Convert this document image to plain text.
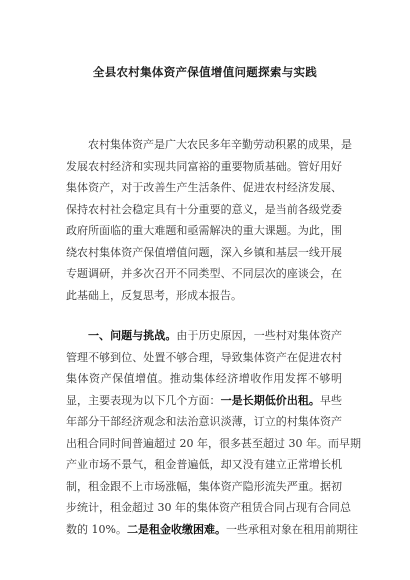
全县农村集体资产保值增值问题探索与实践
农村集体资产是广大农民多年辛勤劳动积累的成果，是
发展农村经济和实现共同富裕的重要物质基础。管好用好
集体资产，对于改善生产生活条件、促进农村经济发展、
保持农村社会稳定具有十分重要的意义，是当前各级党委
政府所面临的重大难题和亟需解决的重大课题。为此，围
绕农村集体资产保值增值问题，深入乡镇和基层一线开展
专题调研，并多次召开不同类型、不同层次的座谈会，在
此基础上，反复思考，形成本报告。
一、问题与挑战。由于历史原因，一些村对集体资产
管理不够到位、处置不够合理，导致集体资产在促进农村
集体资产保值增值。推动集体经济增收作用发挥不够明
显，主要表现为以下几个方面：一是长期低价出租。早些
年部分干部经济观念和法治意识淡薄，订立的村集体资产
出租合同时间普遍超过 20 年，很多甚至超过 30 年。而早期
产业市场不景气，租金普遍低，却又没有建立正常增长机
制，租金跟不上市场涨幅，集体资产隐形流失严重。据初
步统计，租金超过 30 年的集体资产租赁合同占现有合同总
数的 10%。二是租金收缴困难。一些承租对象在租用前期往
